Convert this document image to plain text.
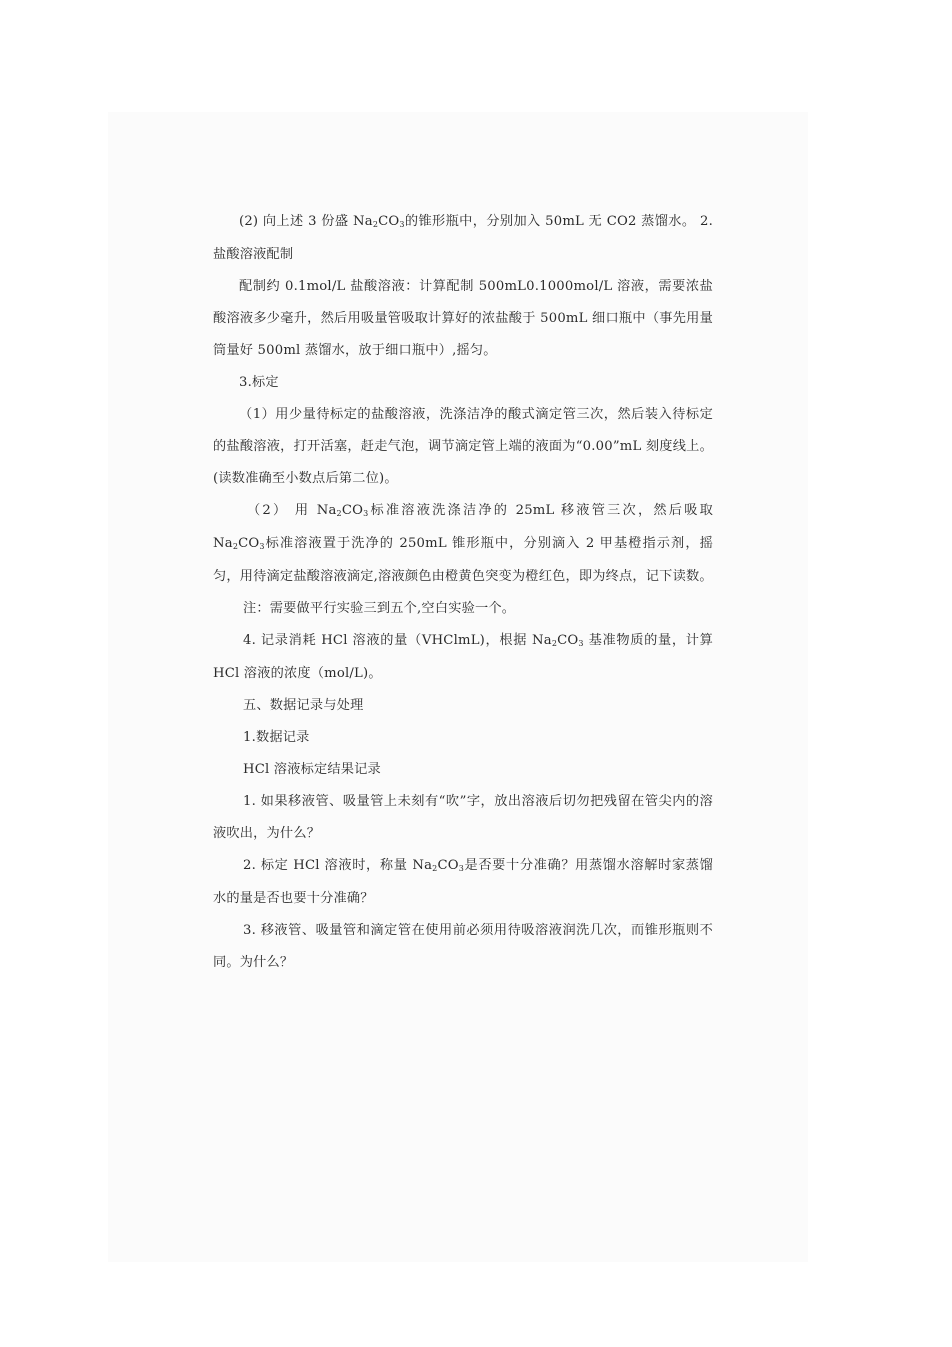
(2) 向上述 3 份盛 $Na_2CO_3$的锥形瓶中，分别加入 50mL 无 CO2 蒸馏水。 2. 盐酸溶液配制

配制约 0.1mol/L 盐酸溶液：计算配制 500mL0.1000mol/L 溶液，需要浓盐酸溶液多少毫升，然后用吸量管吸取计算好的浓盐酸于 500mL 细口瓶中（事先用量筒量好 500ml 蒸馏水，放于细口瓶中）,摇匀。

3.标定

（1）用少量待标定的盐酸溶液，洗涤洁净的酸式滴定管三次，然后装入待标定的盐酸溶液，打开活塞，赶走气泡，调节滴定管上端的液面为“0.00”mL 刻度线上。(读数准确至小数点后第二位)。

（2） 用 $Na_2CO_3$标准溶液洗涤洁净的 25mL 移液管三次，然后吸取 $Na_2CO_3$标准溶液置于洗净的 250mL 锥形瓶中，分别滴入 2 甲基橙指示剂，摇匀，用待滴定盐酸溶液滴定,溶液颜色由橙黄色突变为橙红色，即为终点，记下读数。

注：需要做平行实验三到五个,空白实验一个。

4. 记录消耗 HCl 溶液的量（VHClmL)，根据 $Na_2CO_3$ 基准物质的量，计算 HCl 溶液的浓度（mol/L)。

五、数据记录与处理

1.数据记录

HCl 溶液标定结果记录

1. 如果移液管、吸量管上未刻有“吹”字，放出溶液后切勿把残留在管尖内的溶液吹出，为什么？

2. 标定 HCl 溶液时，称量 $Na_2CO_3$是否要十分准确？用蒸馏水溶解时家蒸馏水的量是否也要十分准确？

3. 移液管、吸量管和滴定管在使用前必须用待吸溶液润洗几次，而锥形瓶则不同。为什么？
